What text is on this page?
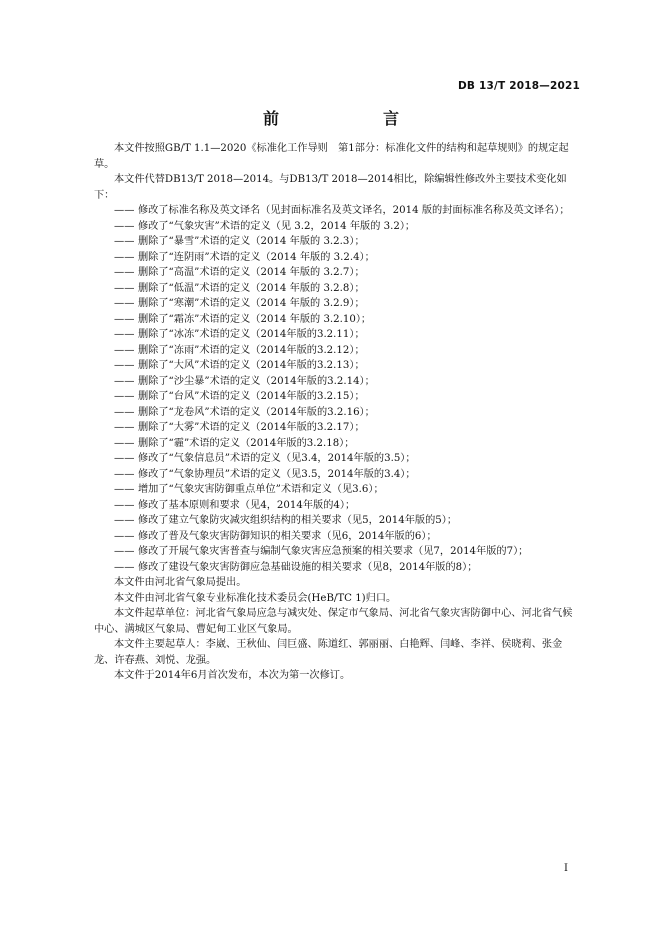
DB 13/T 2018—2021
前　　言

本文件按照GB/T 1.1—2020《标准化工作导则　第1部分：标准化文件的结构和起草规则》的规定起草。

本文件代替DB13/T 2018—2014。与DB13/T 2018—2014相比，除编辑性修改外主要技术变化如下：

—— 修改了标准名称及英文译名（见封面标准名及英文译名，2014 版的封面标准名称及英文译名）；

—— 修改了“气象灾害”术语的定义（见 3.2，2014 年版的 3.2）；

—— 删除了“暴雪”术语的定义（2014 年版的 3.2.3）；

—— 删除了“连阴雨”术语的定义（2014 年版的 3.2.4）；

—— 删除了“高温”术语的定义（2014 年版的 3.2.7）；

—— 删除了“低温”术语的定义（2014 年版的 3.2.8）；

—— 删除了“寒潮”术语的定义（2014 年版的 3.2.9）；

—— 删除了“霜冻”术语的定义（2014 年版的 3.2.10）；

—— 删除了“冰冻”术语的定义（2014年版的3.2.11）；

—— 删除了“冻雨”术语的定义（2014年版的3.2.12）；

—— 删除了“大风”术语的定义（2014年版的3.2.13）；

—— 删除了“沙尘暴”术语的定义（2014年版的3.2.14）；

—— 删除了“台风”术语的定义（2014年版的3.2.15）；

—— 删除了“龙卷风”术语的定义（2014年版的3.2.16）；

—— 删除了“大雾”术语的定义（2014年版的3.2.17）；

—— 删除了“霾”术语的定义（2014年版的3.2.18）；

—— 修改了“气象信息员”术语的定义（见3.4，2014年版的3.5）；

—— 修改了“气象协理员”术语的定义（见3.5，2014年版的3.4）；

—— 增加了“气象灾害防御重点单位”术语和定义（见3.6）；

—— 修改了基本原则和要求（见4，2014年版的4）；

—— 修改了建立气象防灾减灾组织结构的相关要求（见5，2014年版的5）；

—— 修改了普及气象灾害防御知识的相关要求（见6，2014年版的6）；

—— 修改了开展气象灾害普查与编制气象灾害应急预案的相关要求（见7，2014年版的7）；

—— 修改了建设气象灾害防御应急基础设施的相关要求（见8，2014年版的8）；

本文件由河北省气象局提出。

本文件由河北省气象专业标准化技术委员会(HeB/TC 1)归口。

本文件起草单位：河北省气象局应急与减灾处、保定市气象局、河北省气象灾害防御中心、河北省气候中心、满城区气象局、曹妃甸工业区气象局。

本文件主要起草人：李崴、王秋仙、闫巨盛、陈道红、郭丽丽、白艳辉、闫峰、李祥、侯晓莉、张金龙、许春燕、刘悦、龙强。

本文件于2014年6月首次发布，本次为第一次修订。

I
